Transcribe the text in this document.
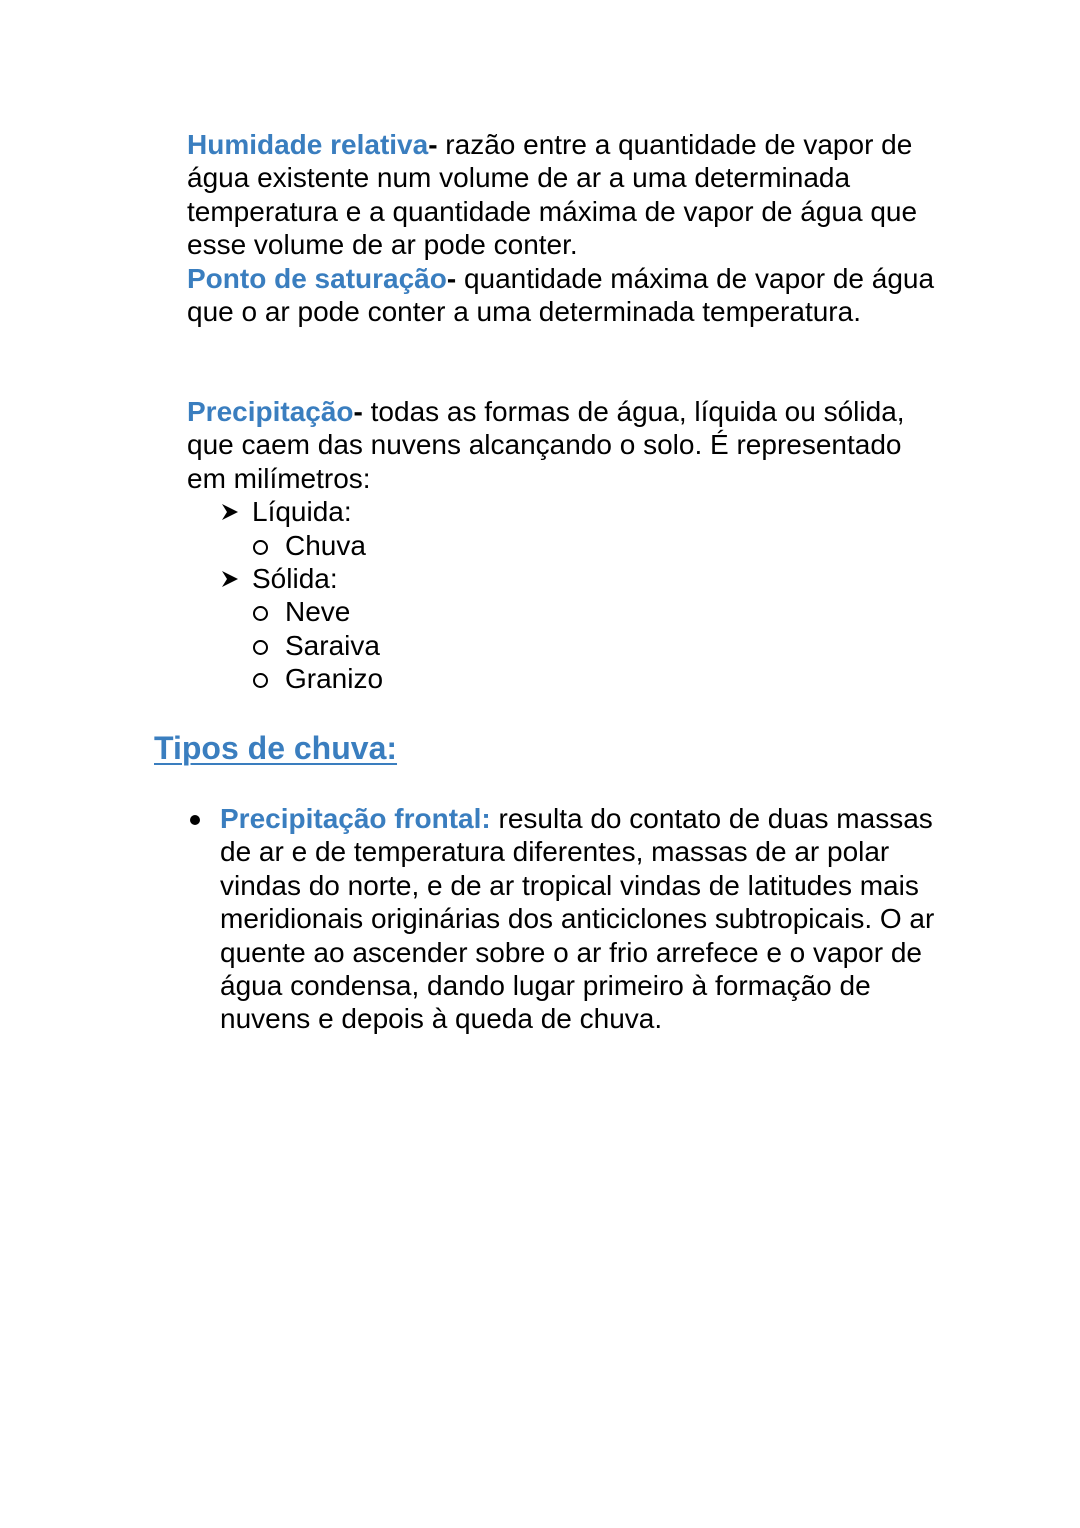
Humidade relativa- razão entre a quantidade de vapor de água existente num volume de ar a uma determinada temperatura e a quantidade máxima de vapor de água que esse volume de ar pode conter.
Ponto de saturação- quantidade máxima de vapor de água que o ar pode conter a uma determinada temperatura.
Precipitação- todas as formas de água, líquida ou sólida, que caem das nuvens alcançando o solo. É representado em milímetros:
Líquida:
Chuva
Sólida:
Neve
Saraiva
Granizo
Tipos de chuva:
Precipitação frontal: resulta do contato de duas massas de ar e de temperatura diferentes, massas de ar polar vindas do norte, e de ar tropical vindas de latitudes mais meridionais originárias dos anticiclones subtropicais. O ar quente ao ascender sobre o ar frio arrefece e o vapor de água condensa, dando lugar primeiro à formação de nuvens e depois à queda de chuva.
